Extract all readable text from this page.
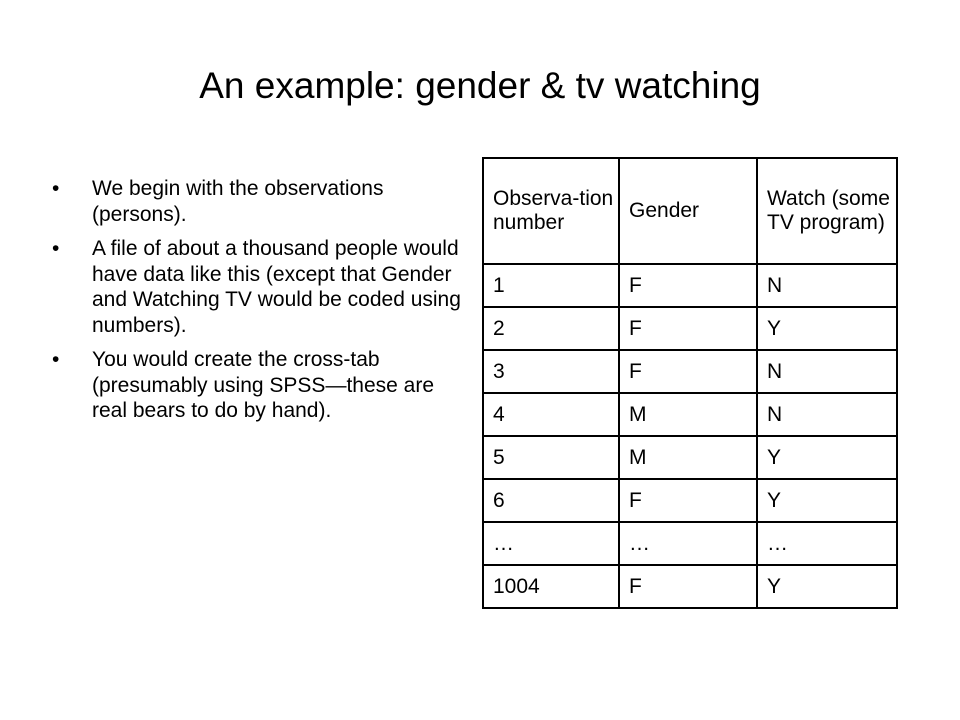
An example: gender & tv watching
•	We begin with the observations (persons).
•	A file of about a thousand people would have data like this (except that Gender and Watching TV would be coded using numbers).
•	You would create the cross-tab (presumably using SPSS—these are real bears to do by hand).
Observa-tion number	Gender	Watch (some TV program)
1	F	N
2	F	Y
3	F	N
4	M	N
5	M	Y
6	F	Y
…	…	…
1004	F	Y
